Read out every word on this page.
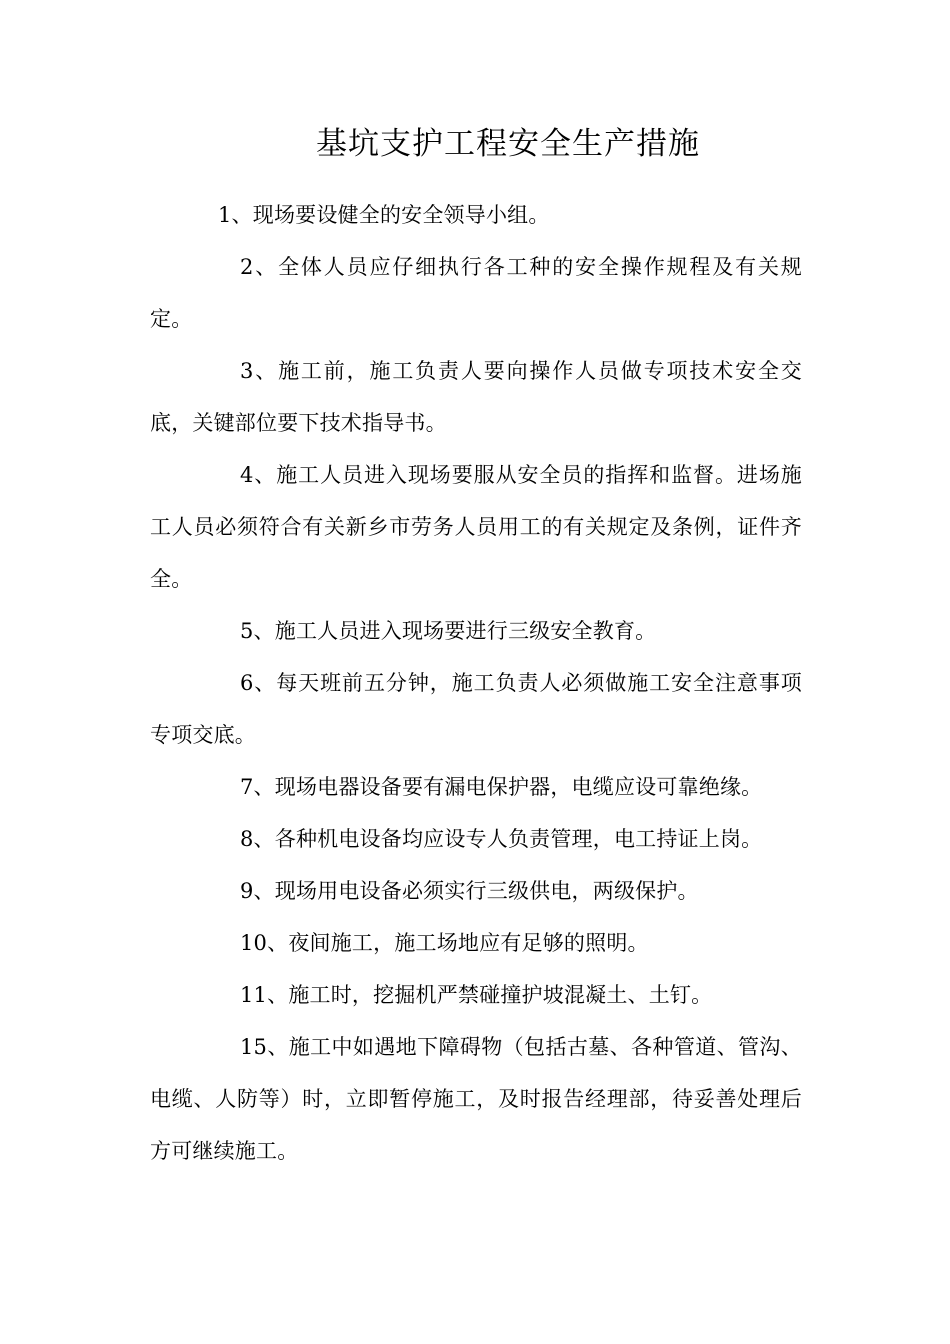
基坑支护工程安全生产措施

1、现场要设健全的安全领导小组。

2、全体人员应仔细执行各工种的安全操作规程及有关规定。

3、施工前，施工负责人要向操作人员做专项技术安全交底，关键部位要下技术指导书。

4、施工人员进入现场要服从安全员的指挥和监督。进场施工人员必须符合有关新乡市劳务人员用工的有关规定及条例，证件齐全。

5、施工人员进入现场要进行三级安全教育。

6、每天班前五分钟，施工负责人必须做施工安全注意事项专项交底。

7、现场电器设备要有漏电保护器，电缆应设可靠绝缘。

8、各种机电设备均应设专人负责管理，电工持证上岗。

9、现场用电设备必须实行三级供电，两级保护。

10、夜间施工，施工场地应有足够的照明。

11、施工时，挖掘机严禁碰撞护坡混凝土、土钉。

15、施工中如遇地下障碍物（包括古墓、各种管道、管沟、电缆、人防等）时，立即暂停施工，及时报告经理部，待妥善处理后方可继续施工。
